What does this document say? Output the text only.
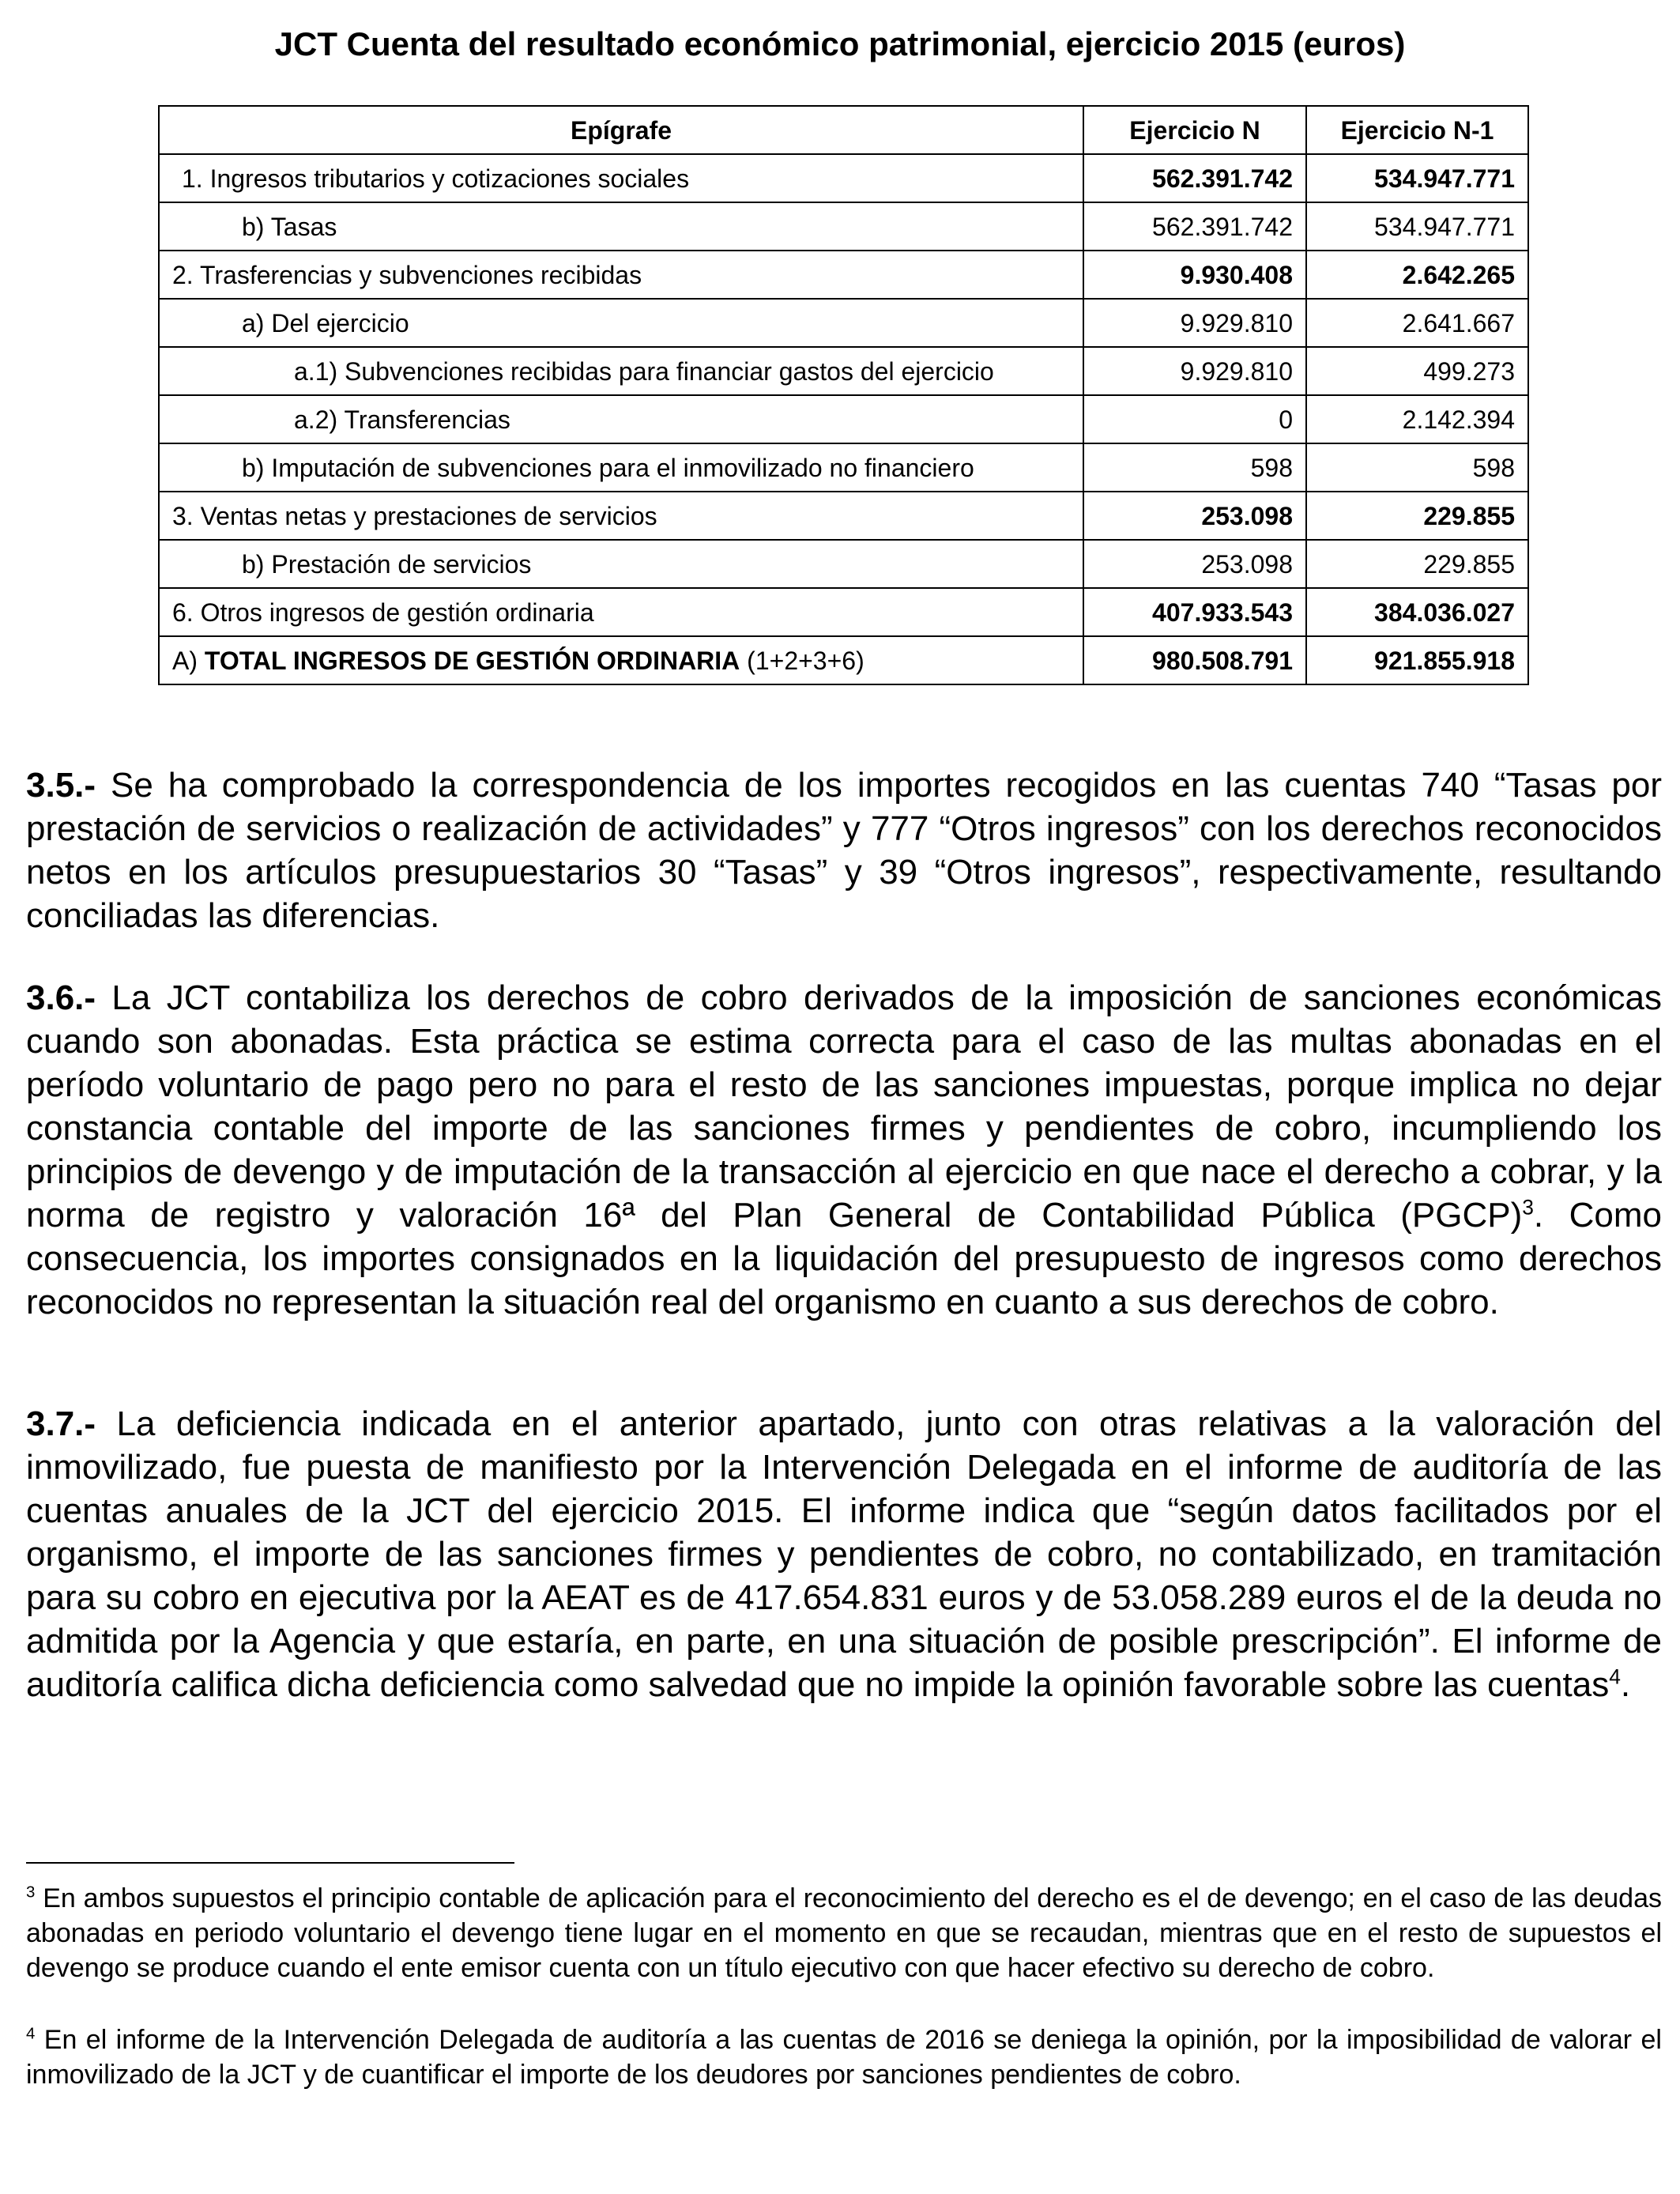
JCT Cuenta del resultado económico patrimonial, ejercicio 2015 (euros)
Epígrafe	Ejercicio N	Ejercicio N-1
1. Ingresos tributarios y cotizaciones sociales	562.391.742	534.947.771
b) Tasas	562.391.742	534.947.771
2. Trasferencias y subvenciones recibidas	9.930.408	2.642.265
a) Del ejercicio	9.929.810	2.641.667
a.1) Subvenciones recibidas para financiar gastos del ejercicio	9.929.810	499.273
a.2) Transferencias	0	2.142.394
b) Imputación de subvenciones para el inmovilizado no financiero	598	598
3. Ventas netas y prestaciones de servicios	253.098	229.855
b) Prestación de servicios	253.098	229.855
6. Otros ingresos de gestión ordinaria	407.933.543	384.036.027
A) TOTAL INGRESOS DE GESTIÓN ORDINARIA (1+2+3+6)	980.508.791	921.855.918
3.5.- Se ha comprobado la correspondencia de los importes recogidos en las cuentas 740 “Tasas por prestación de servicios o realización de actividades” y 777 “Otros ingresos” con los derechos reconocidos netos en los artículos presupuestarios 30 “Tasas” y 39 “Otros ingresos”, respectivamente, resultando conciliadas las diferencias.
3.6.- La JCT contabiliza los derechos de cobro derivados de la imposición de sanciones económicas cuando son abonadas. Esta práctica se estima correcta para el caso de las multas abonadas en el período voluntario de pago pero no para el resto de las sanciones impuestas, porque implica no dejar constancia contable del importe de las sanciones firmes y pendientes de cobro, incumpliendo los principios de devengo y de imputación de la transacción al ejercicio en que nace el derecho a cobrar, y la norma de registro y valoración 16ª del Plan General de Contabilidad Pública (PGCP)$^3$. Como consecuencia, los importes consignados en la liquidación del presupuesto de ingresos como derechos reconocidos no representan la situación real del organismo en cuanto a sus derechos de cobro.
3.7.- La deficiencia indicada en el anterior apartado, junto con otras relativas a la valoración del inmovilizado, fue puesta de manifiesto por la Intervención Delegada en el informe de auditoría de las cuentas anuales de la JCT del ejercicio 2015. El informe indica que “según datos facilitados por el organismo, el importe de las sanciones firmes y pendientes de cobro, no contabilizado, en tramitación para su cobro en ejecutiva por la AEAT es de 417.654.831 euros y de 53.058.289 euros el de la deuda no admitida por la Agencia y que estaría, en parte, en una situación de posible prescripción”. El informe de auditoría califica dicha deficiencia como salvedad que no impide la opinión favorable sobre las cuentas$^4$.
$^3$ En ambos supuestos el principio contable de aplicación para el reconocimiento del derecho es el de devengo; en el caso de las deudas abonadas en periodo voluntario el devengo tiene lugar en el momento en que se recaudan, mientras que en el resto de supuestos el devengo se produce cuando el ente emisor cuenta con un título ejecutivo con que hacer efectivo su derecho de cobro.
$^4$ En el informe de la Intervención Delegada de auditoría a las cuentas de 2016 se deniega la opinión, por la imposibilidad de valorar el inmovilizado de la JCT y de cuantificar el importe de los deudores por sanciones pendientes de cobro.
